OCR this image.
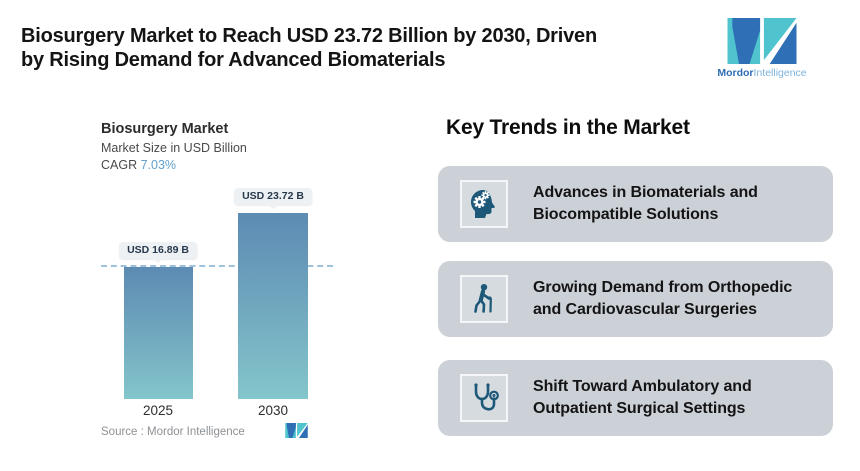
Biosurgery Market to Reach USD 23.72 Billion by 2030, Driven
by Rising Demand for Advanced Biomaterials
MordorIntelligence
Biosurgery Market
Market Size in USD Billion
CAGR 7.03%
USD 16.89 B
USD 23.72 B
2025	2030
Source : Mordor Intelligence
Key Trends in the Market
Advances in Biomaterials and
Biocompatible Solutions
Growing Demand from Orthopedic
and Cardiovascular Surgeries
Shift Toward Ambulatory and
Outpatient Surgical Settings
